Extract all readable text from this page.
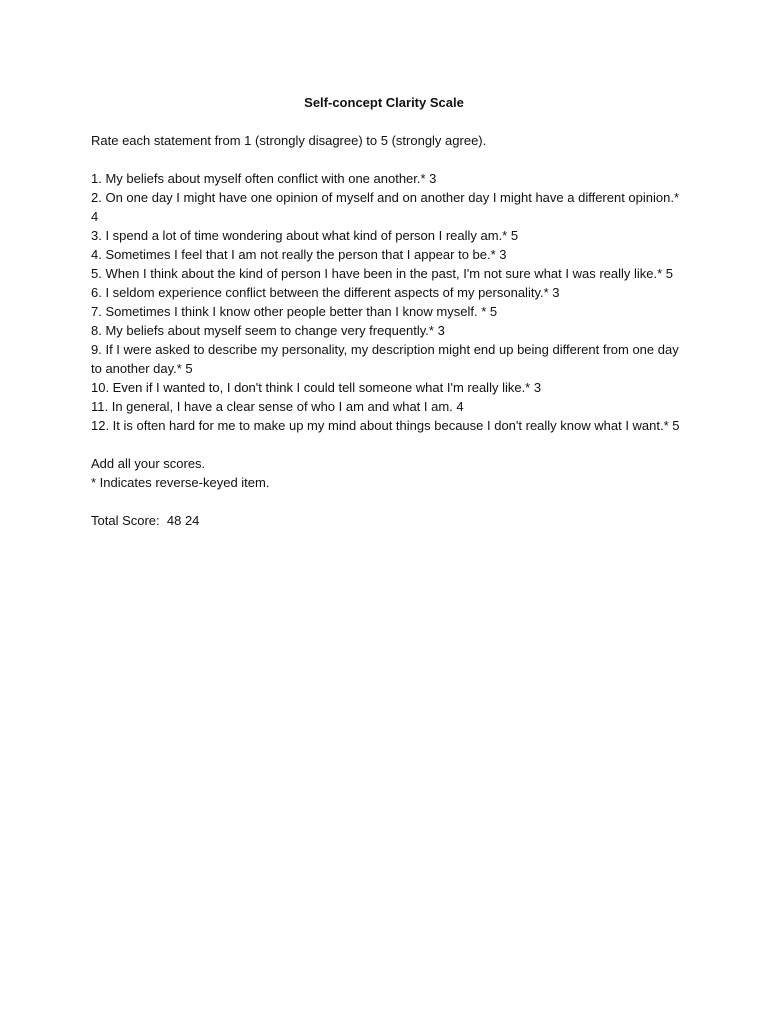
Self-concept Clarity Scale
Rate each statement from 1 (strongly disagree) to 5 (strongly agree).
1. My beliefs about myself often conflict with one another.* 3
2. On one day I might have one opinion of myself and on another day I might have a different opinion.* 4
3. I spend a lot of time wondering about what kind of person I really am.* 5
4. Sometimes I feel that I am not really the person that I appear to be.* 3
5. When I think about the kind of person I have been in the past, I'm not sure what I was really like.* 5
6. I seldom experience conflict between the different aspects of my personality.* 3
7. Sometimes I think I know other people better than I know myself. * 5
8. My beliefs about myself seem to change very frequently.* 3
9. If I were asked to describe my personality, my description might end up being different from one day to another day.* 5
10. Even if I wanted to, I don't think I could tell someone what I'm really like.* 3
11. In general, I have a clear sense of who I am and what I am. 4
12. It is often hard for me to make up my mind about things because I don't really know what I want.* 5
Add all your scores.
* Indicates reverse-keyed item.
Total Score:  48 24
